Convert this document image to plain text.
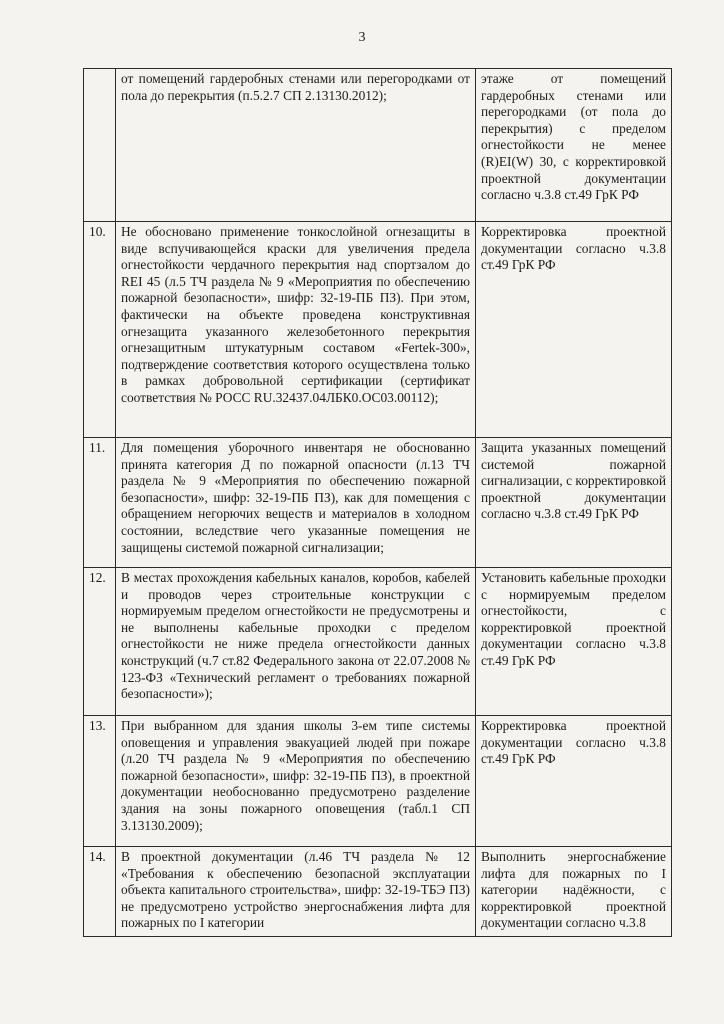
3
	от помещений гардеробных стенами или перегородками от пола до перекрытия (п.5.2.7 СП 2.13130.2012);	этаже от помещений гардеробных стенами или перегородками (от пола до перекрытия) с пределом огнестойкости не менее (R)EI(W) 30, с корректировкой проектной документации согласно ч.3.8 ст.49 ГрК РФ
10.	Не обосновано применение тонкослойной огнезащиты в виде вспучивающейся краски для увеличения предела огнестойкости чердачного перекрытия над спортзалом до REI 45 (л.5 ТЧ раздела № 9 «Мероприятия по обеспечению пожарной безопасности», шифр: 32-19-ПБ ПЗ). При этом, фактически на объекте проведена конструктивная огнезащита указанного железобетонного перекрытия огнезащитным штукатурным составом «Fertek-300», подтверждение соответствия которого осуществлена только в рамках добровольной сертификации (сертификат соответствия № РОСС RU.32437.04ЛБК0.ОС03.00112);	Корректировка проектной документации согласно ч.3.8 ст.49 ГрК РФ
11.	Для помещения уборочного инвентаря не обоснованно принята категория Д по пожарной опасности (л.13 ТЧ раздела № 9 «Мероприятия по обеспечению пожарной безопасности», шифр: 32-19-ПБ ПЗ), как для помещения с обращением негорючих веществ и материалов в холодном состоянии, вследствие чего указанные помещения не защищены системой пожарной сигнализации;	Защита указанных помещений системой пожарной сигнализации, с корректировкой проектной документации согласно ч.3.8 ст.49 ГрК РФ
12.	В местах прохождения кабельных каналов, коробов, кабелей и проводов через строительные конструкции с нормируемым пределом огнестойкости не предусмотрены и не выполнены кабельные проходки с пределом огнестойкости не ниже предела огнестойкости данных конструкций (ч.7 ст.82 Федерального закона от 22.07.2008 № 123-ФЗ «Технический регламент о требованиях пожарной безопасности»);	Установить кабельные проходки с нормируемым пределом огнестойкости, с корректировкой проектной документации согласно ч.3.8 ст.49 ГрК РФ
13.	При выбранном для здания школы 3-ем типе системы оповещения и управления эвакуацией людей при пожаре (л.20 ТЧ раздела № 9 «Мероприятия по обеспечению пожарной безопасности», шифр: 32-19-ПБ ПЗ), в проектной документации необоснованно предусмотрено разделение здания на зоны пожарного оповещения (табл.1 СП 3.13130.2009);	Корректировка проектной документации согласно ч.3.8 ст.49 ГрК РФ
14.	В проектной документации (л.46 ТЧ раздела № 12 «Требования к обеспечению безопасной эксплуатации объекта капитального строительства», шифр: 32-19-ТБЭ ПЗ) не предусмотрено устройство энергоснабжения лифта для пожарных по I категории	Выполнить энергоснабжение лифта для пожарных по I категории надёжности, с корректировкой проектной документации согласно ч.3.8
